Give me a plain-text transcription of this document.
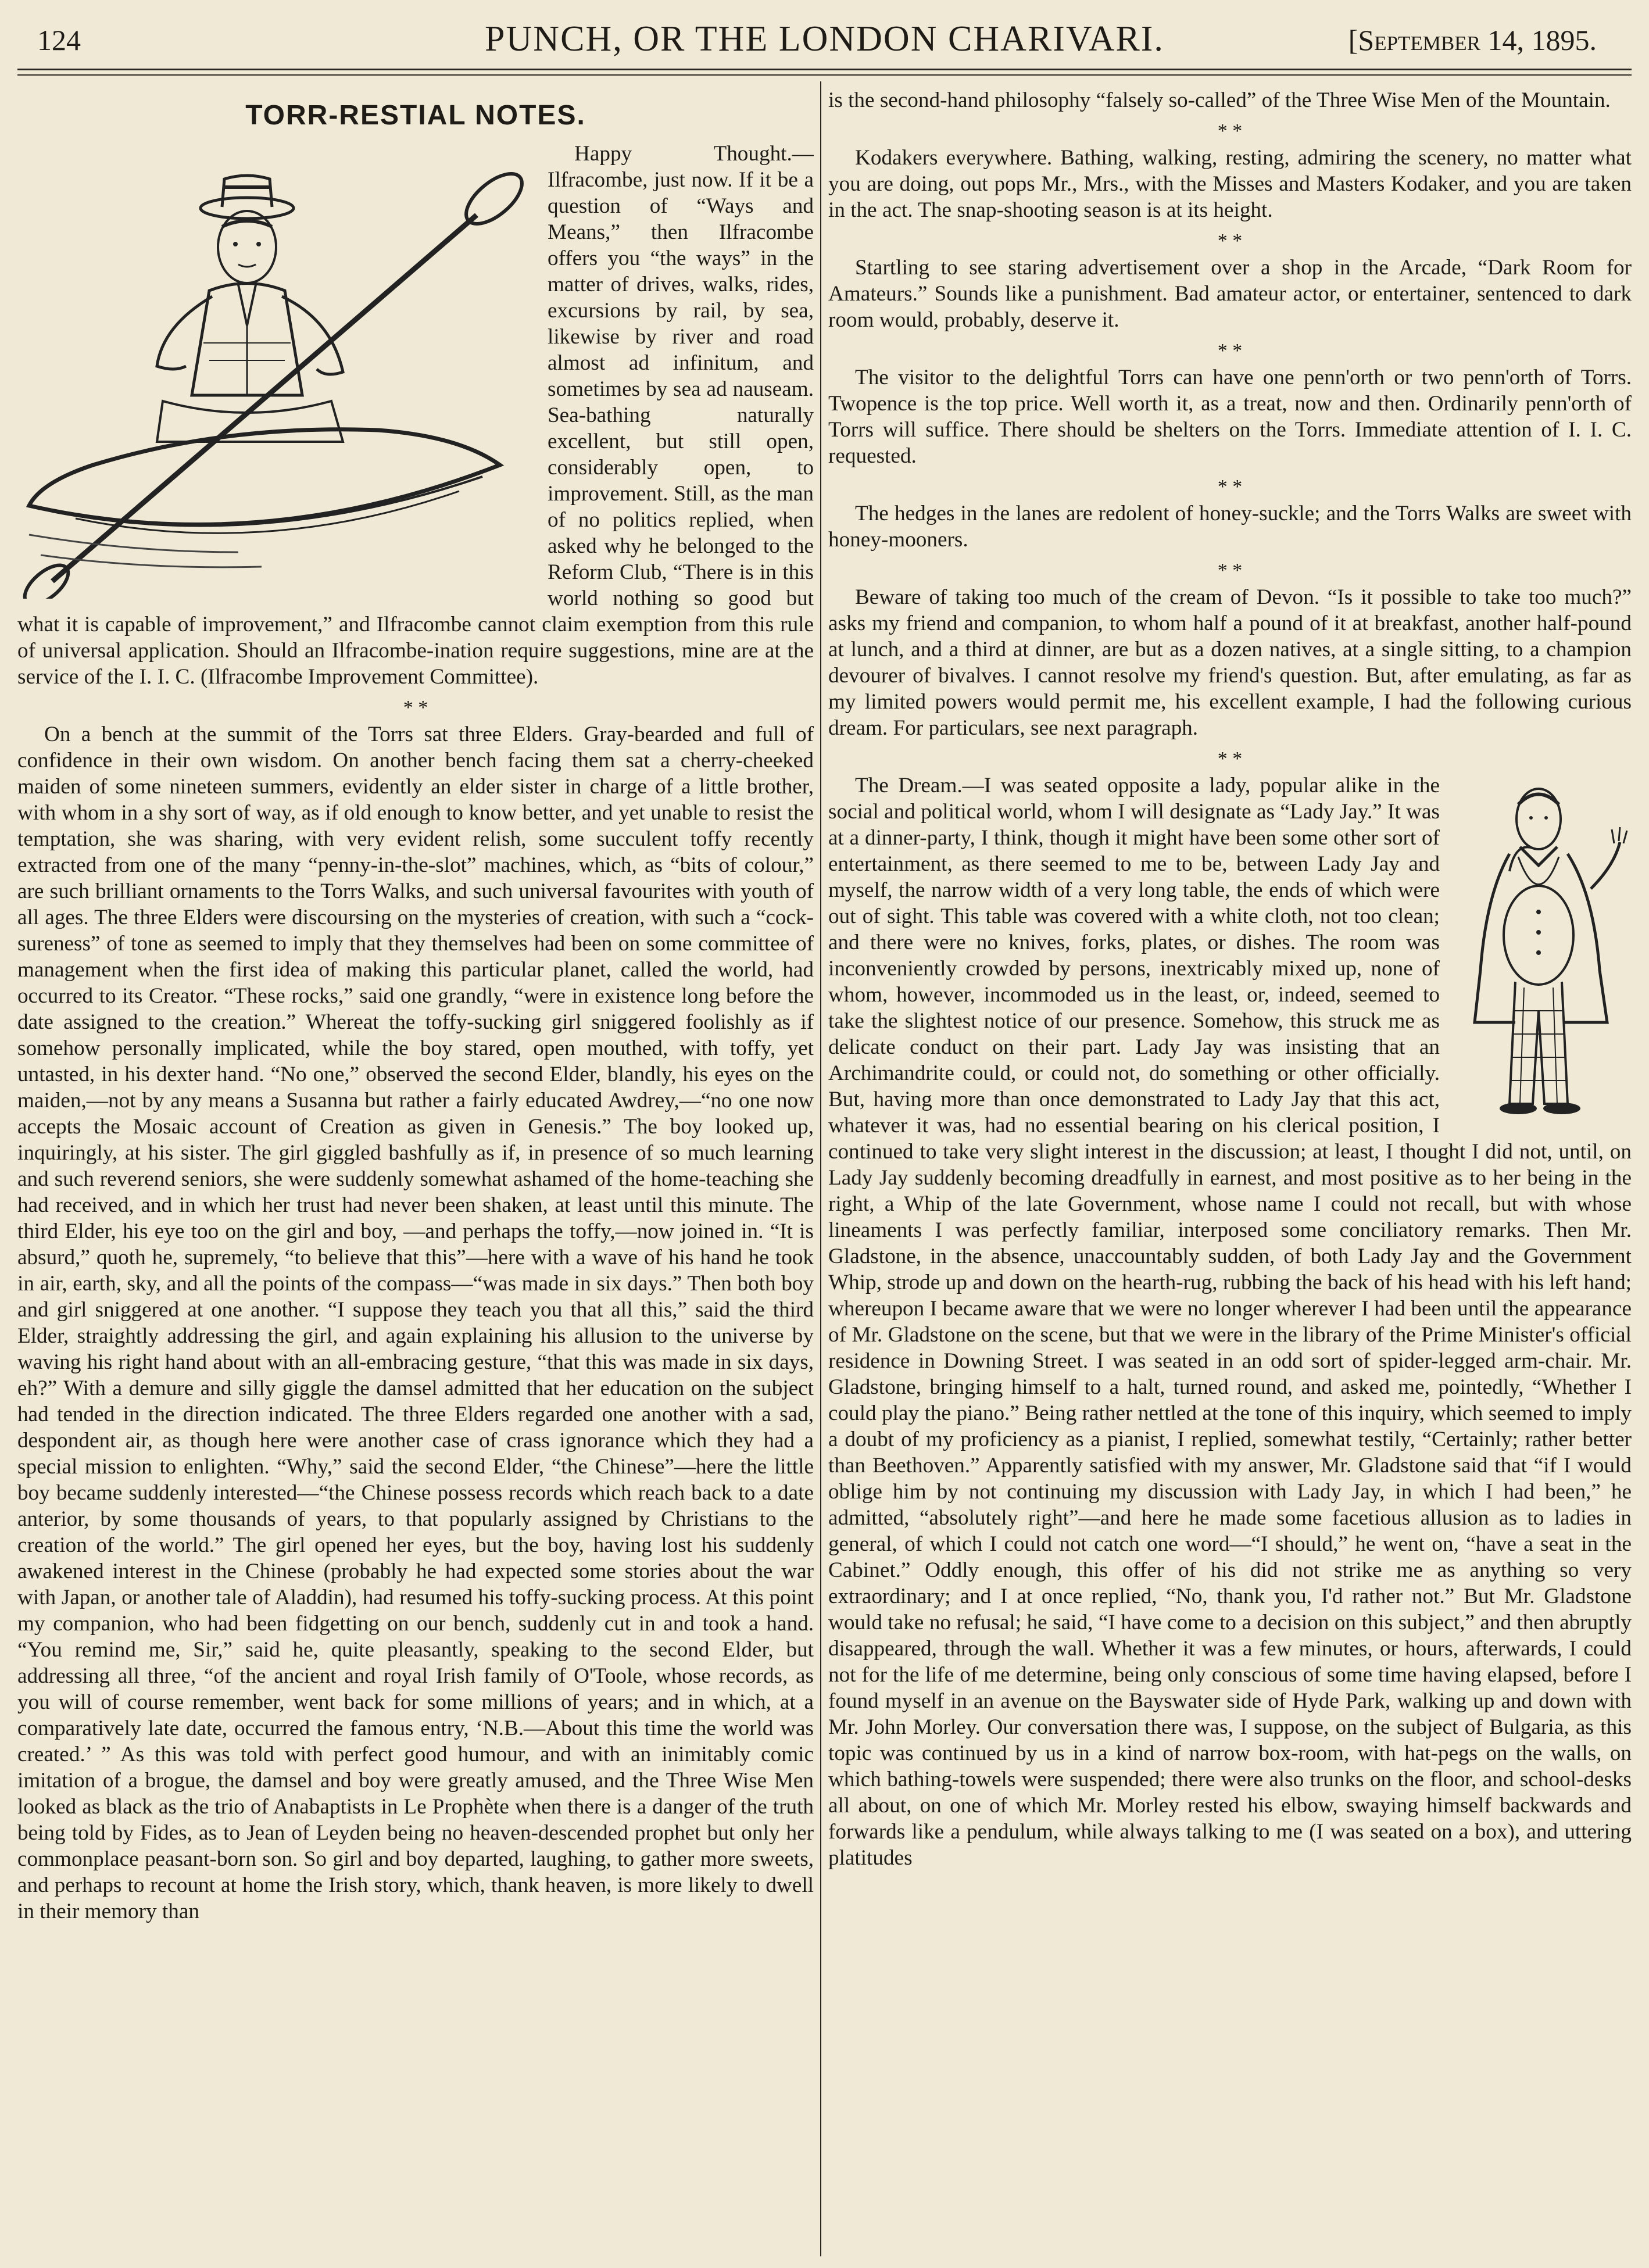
124	PUNCH, OR THE LONDON CHARIVARI.	[September 14, 1895.
TORR-RESTIAL NOTES.

Happy Thought.—Ilfracombe, just now. If it be a question of “Ways and Means,” then Ilfracombe offers you “the ways” in the matter of drives, walks, rides, excursions by rail, by sea, likewise by river and road almost ad infinitum, and sometimes by sea ad nauseam. Sea-bathing naturally excellent, but still open, considerably open, to improvement. Still, as the man of no politics replied, when asked why he belonged to the Reform Club, “There is in this world nothing so good but what it is capable of improvement,” and Ilfracombe cannot claim exemption from this rule of universal application. Should an Ilfracombe-ination require suggestions, mine are at the service of the I. I. C. (Ilfracombe Improvement Committee).

* *

On a bench at the summit of the Torrs sat three Elders. Gray-bearded and full of confidence in their own wisdom. On another bench facing them sat a cherry-cheeked maiden of some nineteen summers, evidently an elder sister in charge of a little brother, with whom in a shy sort of way, as if old enough to know better, and yet unable to resist the temptation, she was sharing, with very evident relish, some succulent toffy recently extracted from one of the many “penny-in-the-slot” machines, which, as “bits of colour,” are such brilliant ornaments to the Torrs Walks, and such universal favourites with youth of all ages. The three Elders were discoursing on the mysteries of creation, with such a “cock-sureness” of tone as seemed to imply that they themselves had been on some committee of management when the first idea of making this particular planet, called the world, had occurred to its Creator. “These rocks,” said one grandly, “were in existence long before the date assigned to the creation.” Whereat the toffy-sucking girl sniggered foolishly as if somehow personally implicated, while the boy stared, open mouthed, with toffy, yet untasted, in his dexter hand. “No one,” observed the second Elder, blandly, his eyes on the maiden,—not by any means a Susanna but rather a fairly educated Awdrey,—“no one now accepts the Mosaic account of Creation as given in Genesis.” The boy looked up, inquiringly, at his sister. The girl giggled bashfully as if, in presence of so much learning and such reverend seniors, she were suddenly somewhat ashamed of the home-teaching she had received, and in which her trust had never been shaken, at least until this minute. The third Elder, his eye too on the girl and boy, —and perhaps the toffy,—now joined in. “It is absurd,” quoth he, supremely, “to believe that this”—here with a wave of his hand he took in air, earth, sky, and all the points of the compass—“was made in six days.” Then both boy and girl sniggered at one another. “I suppose they teach you that all this,” said the third Elder, straightly addressing the girl, and again explaining his allusion to the universe by waving his right hand about with an all-embracing gesture, “that this was made in six days, eh?” With a demure and silly giggle the damsel admitted that her education on the subject had tended in the direction indicated. The three Elders regarded one another with a sad, despondent air, as though here were another case of crass ignorance which they had a special mission to enlighten. “Why,” said the second Elder, “the Chinese”—here the little boy became suddenly interested—“the Chinese possess records which reach back to a date anterior, by some thousands of years, to that popularly assigned by Christians to the creation of the world.” The girl opened her eyes, but the boy, having lost his suddenly awakened interest in the Chinese (probably he had expected some stories about the war with Japan, or another tale of Aladdin), had resumed his toffy-sucking process. At this point my companion, who had been fidgetting on our bench, suddenly cut in and took a hand. “You remind me, Sir,” said he, quite pleasantly, speaking to the second Elder, but addressing all three, “of the ancient and royal Irish family of O'Toole, whose records, as you will of course remember, went back for some millions of years; and in which, at a comparatively late date, occurred the famous entry, ‘N.B.—About this time the world was created.’ ” As this was told with perfect good humour, and with an inimitably comic imitation of a brogue, the damsel and boy were greatly amused, and the Three Wise Men looked as black as the trio of Anabaptists in Le Prophète when there is a danger of the truth being told by Fides, as to Jean of Leyden being no heaven-descended prophet but only her commonplace peasant-born son. So girl and boy departed, laughing, to gather more sweets, and perhaps to recount at home the Irish story, which, thank heaven, is more likely to dwell in their memory than

is the second-hand philosophy “falsely so-called” of the Three Wise Men of the Mountain.

* *

Kodakers everywhere. Bathing, walking, resting, admiring the scenery, no matter what you are doing, out pops Mr., Mrs., with the Misses and Masters Kodaker, and you are taken in the act. The snap-shooting season is at its height.

* *

Startling to see staring advertisement over a shop in the Arcade, “Dark Room for Amateurs.” Sounds like a punishment. Bad amateur actor, or entertainer, sentenced to dark room would, probably, deserve it.

* *

The visitor to the delightful Torrs can have one penn'orth or two penn'orth of Torrs. Twopence is the top price. Well worth it, as a treat, now and then. Ordinarily penn'orth of Torrs will suffice. There should be shelters on the Torrs. Immediate attention of I. I. C. requested.

* *

The hedges in the lanes are redolent of honey-suckle; and the Torrs Walks are sweet with honey-mooners.

* *

Beware of taking too much of the cream of Devon. “Is it possible to take too much?” asks my friend and companion, to whom half a pound of it at breakfast, another half-pound at lunch, and a third at dinner, are but as a dozen natives, at a single sitting, to a champion devourer of bivalves. I cannot resolve my friend's question. But, after emulating, as far as my limited powers would permit me, his excellent example, I had the following curious dream. For particulars, see next paragraph.

* *

The Dream.—I was seated opposite a lady, popular alike in the social and political world, whom I will designate as “Lady Jay.” It was at a dinner-party, I think, though it might have been some other sort of entertainment, as there seemed to me to be, between Lady Jay and myself, the narrow width of a very long table, the ends of which were out of sight. This table was covered with a white cloth, not too clean; and there were no knives, forks, plates, or dishes. The room was inconveniently crowded by persons, inextricably mixed up, none of whom, however, incommoded us in the least, or, indeed, seemed to take the slightest notice of our presence. Somehow, this struck me as delicate conduct on their part. Lady Jay was insisting that an Archimandrite could, or could not, do something or other officially. But, having more than once demonstrated to Lady Jay that this act, whatever it was, had no essential bearing on his clerical position, I continued to take very slight interest in the discussion; at least, I thought I did not, until, on Lady Jay suddenly becoming dreadfully in earnest, and most positive as to her being in the right, a Whip of the late Government, whose name I could not recall, but with whose lineaments I was perfectly familiar, interposed some conciliatory remarks. Then Mr. Gladstone, in the absence, unaccountably sudden, of both Lady Jay and the Government Whip, strode up and down on the hearth-rug, rubbing the back of his head with his left hand; whereupon I became aware that we were no longer wherever I had been until the appearance of Mr. Gladstone on the scene, but that we were in the library of the Prime Minister's official residence in Downing Street. I was seated in an odd sort of spider-legged arm-chair. Mr. Gladstone, bringing himself to a halt, turned round, and asked me, pointedly, “Whether I could play the piano.” Being rather nettled at the tone of this inquiry, which seemed to imply a doubt of my proficiency as a pianist, I replied, somewhat testily, “Certainly; rather better than Beethoven.” Apparently satisfied with my answer, Mr. Gladstone said that “if I would oblige him by not continuing my discussion with Lady Jay, in which I had been,” he admitted, “absolutely right”—and here he made some facetious allusion as to ladies in general, of which I could not catch one word—“I should,” he went on, “have a seat in the Cabinet.” Oddly enough, this offer of his did not strike me as anything so very extraordinary; and I at once replied, “No, thank you, I'd rather not.” But Mr. Gladstone would take no refusal; he said, “I have come to a decision on this subject,” and then abruptly disappeared, through the wall. Whether it was a few minutes, or hours, afterwards, I could not for the life of me determine, being only conscious of some time having elapsed, before I found myself in an avenue on the Bayswater side of Hyde Park, walking up and down with Mr. John Morley. Our conversation there was, I suppose, on the subject of Bulgaria, as this topic was continued by us in a kind of narrow box-room, with hat-pegs on the walls, on which bathing-towels were suspended; there were also trunks on the floor, and school-desks all about, on one of which Mr. Morley rested his elbow, swaying himself backwards and forwards like a pendulum, while always talking to me (I was seated on a box), and uttering platitudes
